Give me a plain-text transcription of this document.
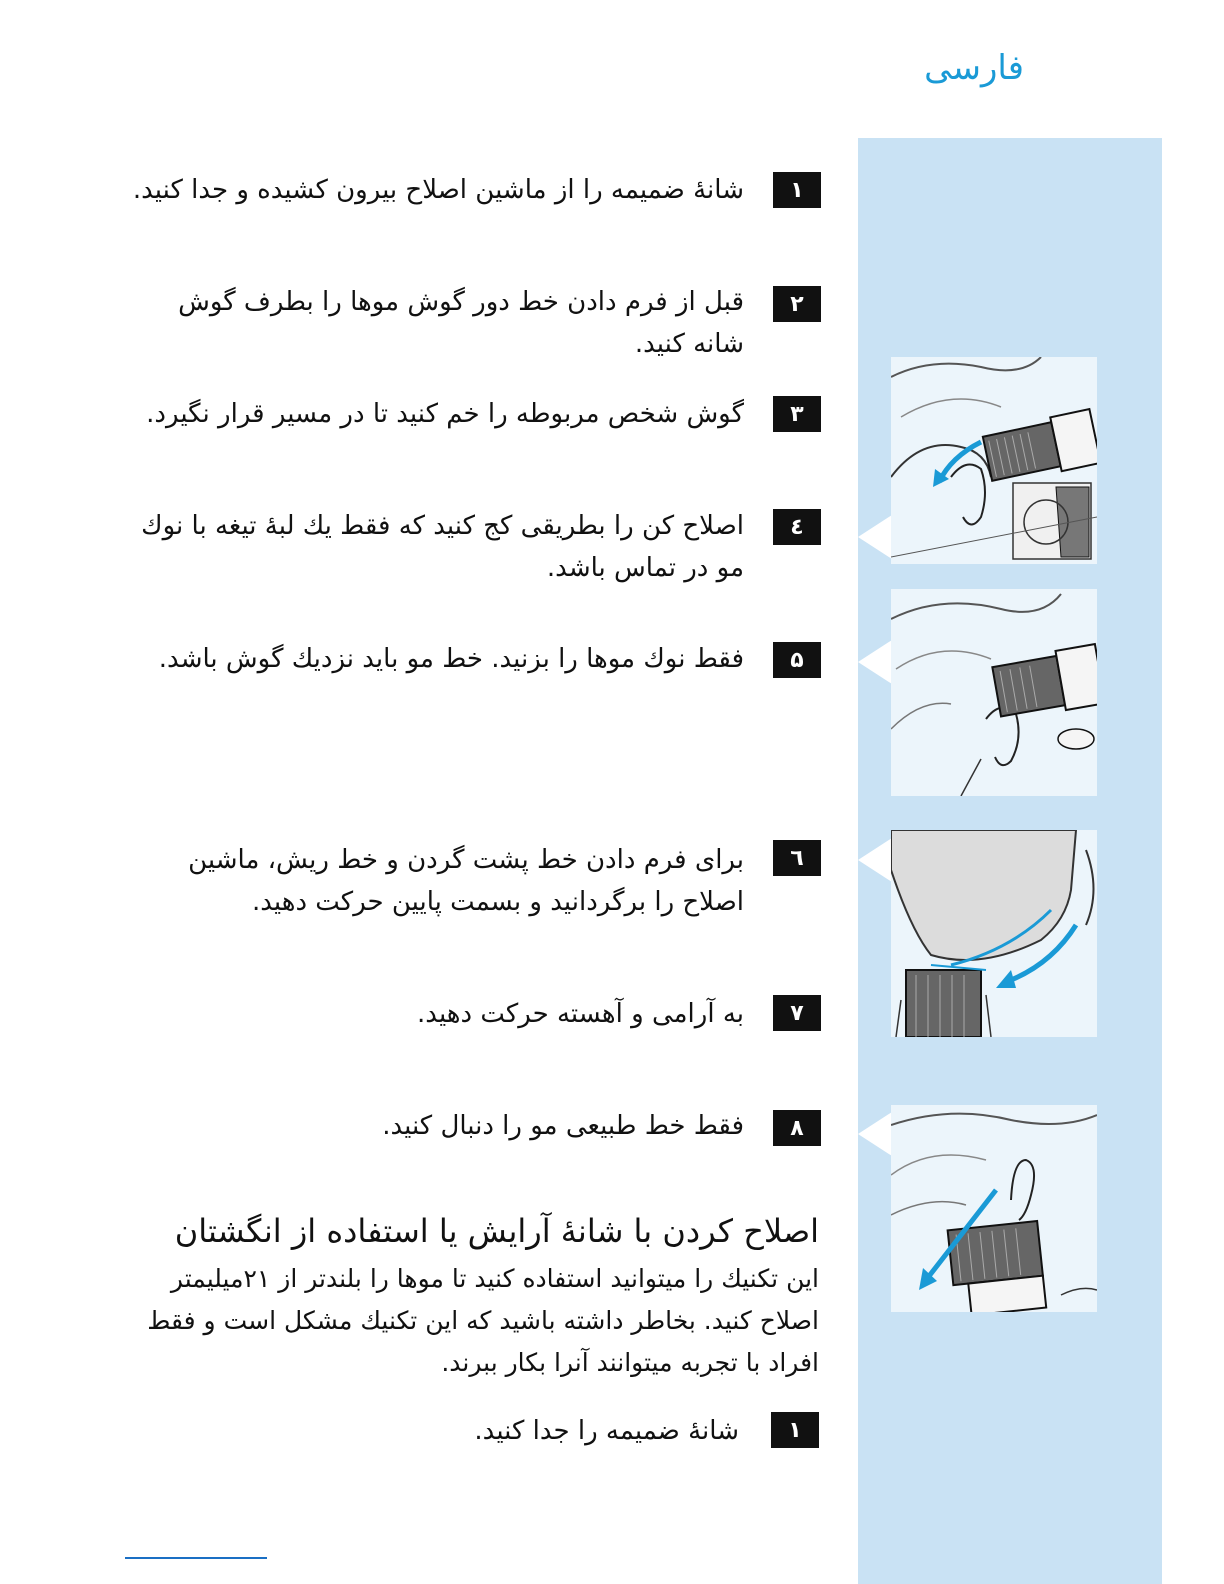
فارسی
۱
شانۀ ضمیمه را از ماشین اصلاح بیرون کشیده و جدا کنید.
۲
قبل از فرم دادن خط دور گوش موها را بطرف گوش شانه کنید.
۳
گوش شخص مربوطه را خم کنید تا در مسیر قرار نگیرد.
٤
اصلاح کن را بطریقی کج کنید که فقط یك لبۀ تیغه با نوك مو در تماس باشد.
۵
فقط نوك موها را بزنید. خط مو باید نزدیك گوش باشد.
٦
برای فرم دادن خط پشت گردن و خط ریش، ماشین اصلاح را برگردانید و بسمت پایین حرکت دهید.
۷
به آرامی و آهسته حرکت دهید.
۸
فقط خط طبیعی مو را دنبال کنید.
اصلاح کردن با شانۀ آرایش یا استفاده از انگشتان
این تکنیك را میتوانید استفاده کنید تا موها را بلندتر از ۲۱میلیمتر اصلاح کنید. بخاطر داشته باشید که این تکنیك مشکل است و فقط افراد با تجربه میتوانند آنرا بکار ببرند.
۱
شانۀ ضمیمه را جدا کنید.
